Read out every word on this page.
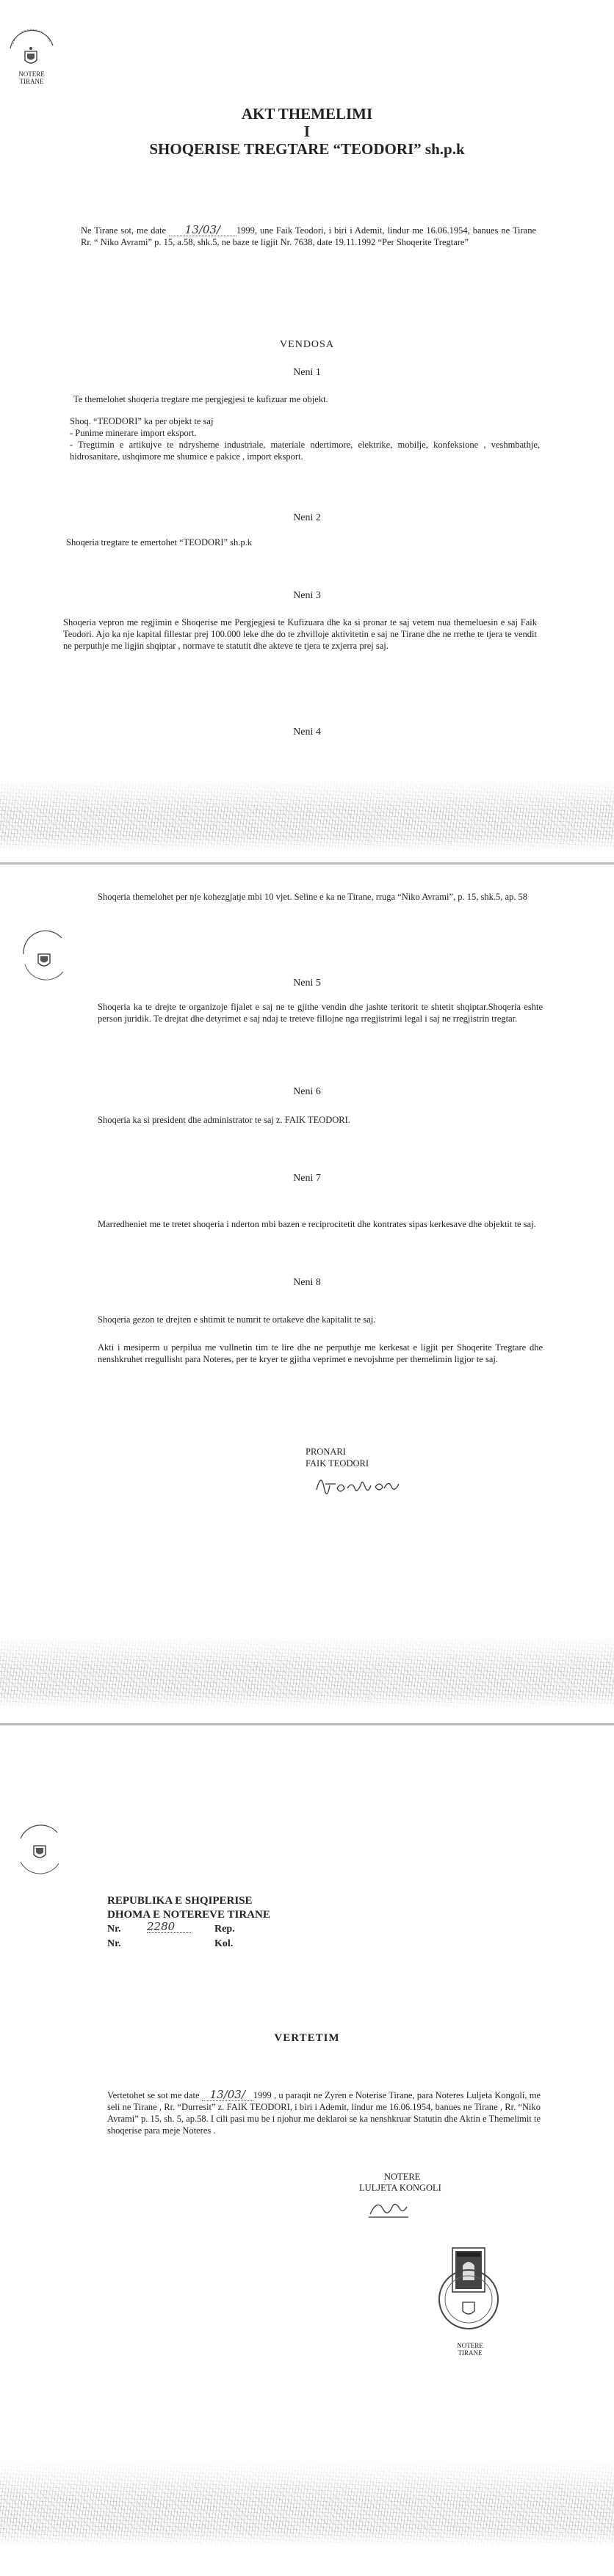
NOTERE TIRANE
AKT THEMELIMI
I
SHOQERISE TREGTARE “TEODORI” sh.p.k
Ne Tirane sot, me date 13/03/ 1999, une Faik Teodori, i biri i Ademit, lindur me 16.06.1954, banues ne Tirane Rr. “ Niko Avrami” p. 15, a.58, shk.5, ne baze te ligjit Nr. 7638, date 19.11.1992 “Per Shoqerite Tregtare”
VENDOSA
Neni 1
Te themelohet shoqeria tregtare me pergjegjesi te kufizuar me objekt.
Shoq. “TEODORI” ka per objekt te saj
- Punime minerare import eksport.
- Tregtimin e artikujve te ndrysheme industriale, materiale ndertimore, elektrike, mobilje, konfeksione , veshmbathje, hidrosanitare, ushqimore me shumice e pakice , import eksport.
Neni 2
Shoqeria tregtare te emertohet “TEODORI” sh.p.k
Neni 3
Shoqeria vepron me regjimin e Shoqerise me Pergjegjesi te Kufizuara dhe ka si pronar te saj vetem nua themeluesin e saj Faik Teodori. Ajo ka nje kapital fillestar prej 100.000 leke dhe do te zhvilloje aktivitetin e saj ne Tirane dhe ne rrethe te tjera te vendit ne perputhje me ligjin shqiptar , normave te statutit dhe akteve te tjera te zxjerra prej saj.
Neni 4
Shoqeria themelohet per nje kohezgjatje mbi 10 vjet. Seline e ka ne Tirane, rruga “Niko Avrami”, p. 15, shk.5, ap. 58
Neni 5
Shoqeria ka te drejte te organizoje fijalet e saj ne te gjithe vendin dhe jashte teritorit te shtetit shqiptar.Shoqeria eshte person juridik. Te drejtat dhe detyrimet e saj ndaj te treteve fillojne nga rregjistrimi legal i saj ne rregjistrin tregtar.
Neni 6
Shoqeria ka si president dhe administrator te saj z. FAIK TEODORI.
Neni 7
Marredheniet me te tretet shoqeria i nderton mbi bazen e reciprocitetit dhe kontrates sipas kerkesave dhe objektit te saj.
Neni 8
Shoqeria gezon te drejten e shtimit te numrit te ortakeve dhe kapitalit te saj.
Akti i mesiperm u perpilua me vullnetin tim te lire dhe ne perputhje me kerkesat e ligjit per Shoqerite Tregtare dhe nenshkruhet rregullisht para Noteres, per te kryer te gjitha veprimet e nevojshme per themelimin ligjor te saj.
PRONARI
FAIK TEODORI
REPUBLIKA E SHQIPERISE
DHOMA E NOTEREVE TIRANE
Nr. 2280	Rep.
Nr.	Kol.
VERTETIM
Vertetohet se sot me date 13/03/ 1999 , u paraqit ne Zyren e Noterise Tirane, para Noteres Luljeta Kongoli, me seli ne Tirane , Rr. “Durresit” z. FAIK TEODORI, i biri i Ademit, lindur me 16.06.1954, banues ne Tirane , Rr. “Niko Avrami” p. 15, sh. 5, ap.58. I cili pasi mu be i njohur me deklaroi se ka nenshkruar Statutin dhe Aktin e Themelimit te shoqerise para meje Noteres .
NOTERE
LULJETA KONGOLI
NOTERE TIRANE
